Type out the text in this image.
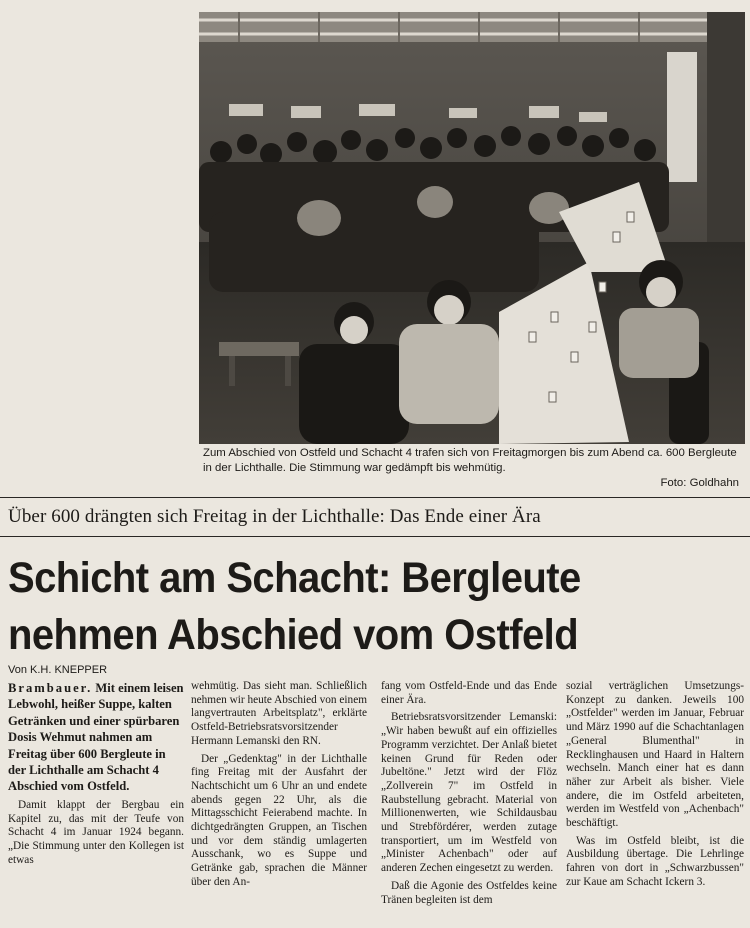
Zum Abschied von Ostfeld und Schacht 4 trafen sich von Freitagmorgen bis zum Abend ca. 600 Bergleute in der Lichthalle. Die Stimmung war gedämpft bis wehmütig.
Foto: Goldhahn
Über 600 drängten sich Freitag in der Lichthalle: Das Ende einer Ära
Schicht am Schacht: Bergleute
nehmen Abschied vom Ostfeld
Von K.H. KNEPPER

Brambauer. Mit einem leisen Lebwohl, heißer Suppe, kalten Getränken und einer spürbaren Dosis Wehmut nahmen am Freitag über 600 Bergleute in der Lichthalle am Schacht 4 Abschied vom Ostfeld.

Damit klappt der Bergbau ein Kapitel zu, das mit der Teufe von Schacht 4 im Januar 1924 begann. „Die Stimmung unter den Kollegen ist etwas

wehmütig. Das sieht man. Schließlich nehmen wir heute Abschied von einem langvertrauten Arbeitsplatz", erklärte Ostfeld-Betriebsratsvorsitzender Hermann Lemanski den RN.

Der „Gedenktag" in der Lichthalle fing Freitag mit der Ausfahrt der Nachtschicht um 6 Uhr an und endete abends gegen 22 Uhr, als die Mittagsschicht Feierabend machte. In dichtgedrängten Gruppen, an Tischen und vor dem ständig umlagerten Ausschank, wo es Suppe und Getränke gab, sprachen die Männer über den An-

fang vom Ostfeld-Ende und das Ende einer Ära.

Betriebsratsvorsitzender Lemanski: „Wir haben bewußt auf ein offizielles Programm verzichtet. Der Anlaß bietet keinen Grund für Reden oder Jubeltöne." Jetzt wird der Flöz „Zollverein 7" im Ostfeld in Raubstellung gebracht. Material von Millionenwerten, wie Schildausbau und Strebfördérer, werden zutage transportiert, um im Westfeld von „Minister Achenbach" oder auf anderen Zechen eingesetzt zu werden.

Daß die Agonie des Ostfeldes keine Tränen begleiten ist dem

sozial verträglichen Umsetzungs-Konzept zu danken. Jeweils 100 „Ostfelder" werden im Januar, Februar und März 1990 auf die Schachtanlagen „General Blumenthal" in Recklinghausen und Haard in Haltern wechseln. Manch einer hat es dann näher zur Arbeit als bisher. Viele andere, die im Ostfeld arbeiteten, werden im Westfeld von „Achenbach" beschäftigt.

Was im Ostfeld bleibt, ist die Ausbildung übertage. Die Lehrlinge fahren von dort in „Schwarzbussen" zur Kaue am Schacht Ickern 3.
